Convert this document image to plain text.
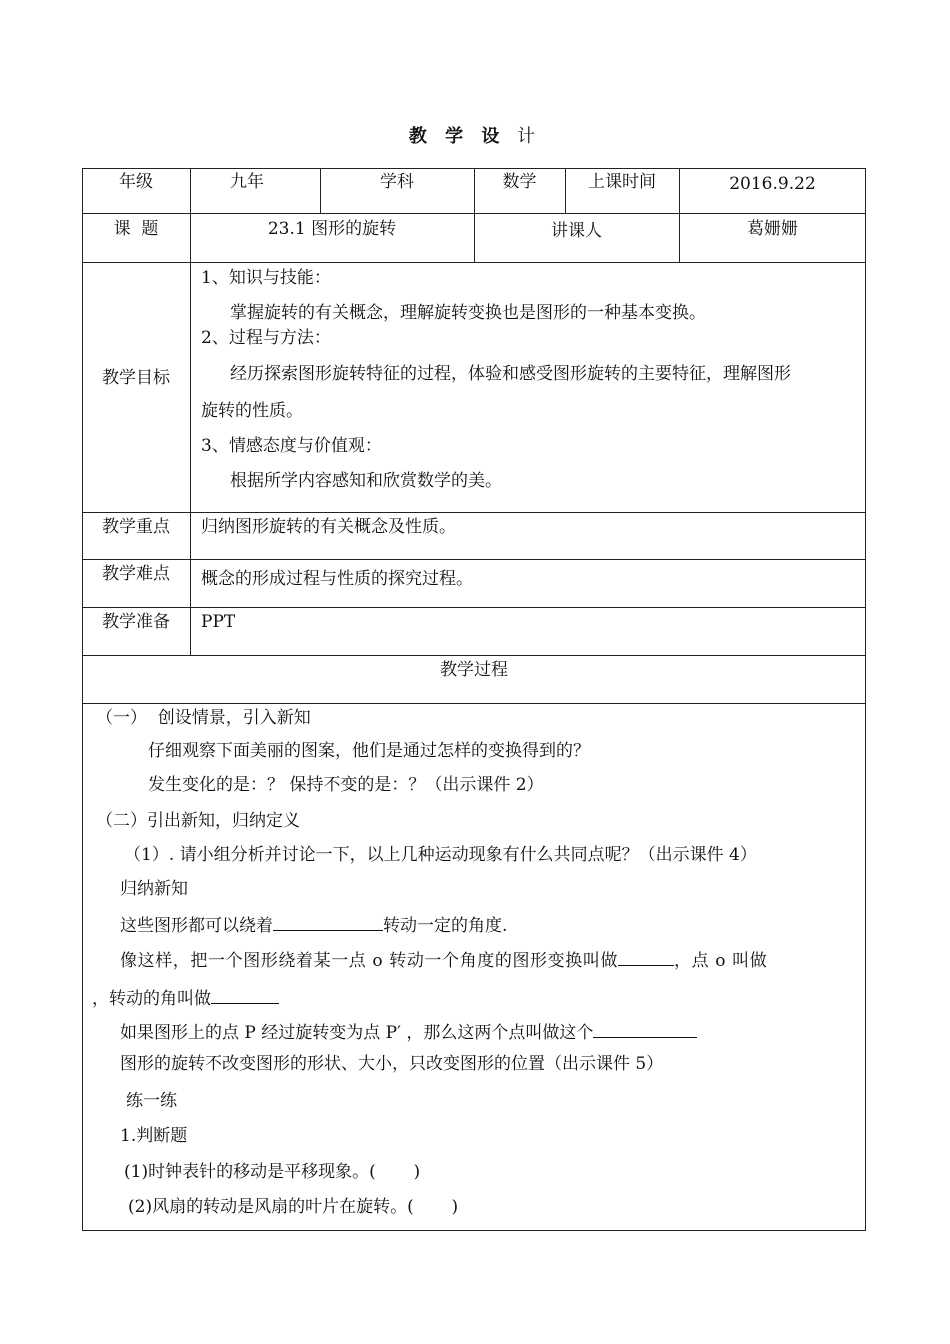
教 学 设 计
年级	九年	学科	数学	上课时间	2016.9.22
课  题	23.1 图形的旋转	讲课人	葛姗姗
教学目标
1、知识与技能：
掌握旋转的有关概念，理解旋转变换也是图形的一种基本变换。
2、过程与方法：
经历探索图形旋转特征的过程，体验和感受图形旋转的主要特征，理解图形
旋转的性质。
3、情感态度与价值观：
根据所学内容感知和欣赏数学的美。
教学重点	归纳图形旋转的有关概念及性质。
教学难点	概念的形成过程与性质的探究过程。
教学准备	PPT
教学过程
（一）  创设情景，引入新知
仔细观察下面美丽的图案，他们是通过怎样的变换得到的？
发生变化的是：？ 保持不变的是：？（出示课件 2）
（二）引出新知，归纳定义
（1）. 请小组分析并讨论一下，以上几种运动现象有什么共同点呢？（出示课件 4）
归纳新知
这些图形都可以绕着	转动一定的角度.
像这样，把一个图形绕着某一点 o 转动一个角度的图形变换叫做	，点 o 叫做
，转动的角叫做
如果图形上的点 P 经过旋转变为点 P′ ，那么这两个点叫做这个
图形的旋转不改变图形的形状、大小，只改变图形的位置（出示课件 5）
练一练
1.判断题
(1)时钟表针的移动是平移现象。(       )
(2)风扇的转动是风扇的叶片在旋转。(       )
